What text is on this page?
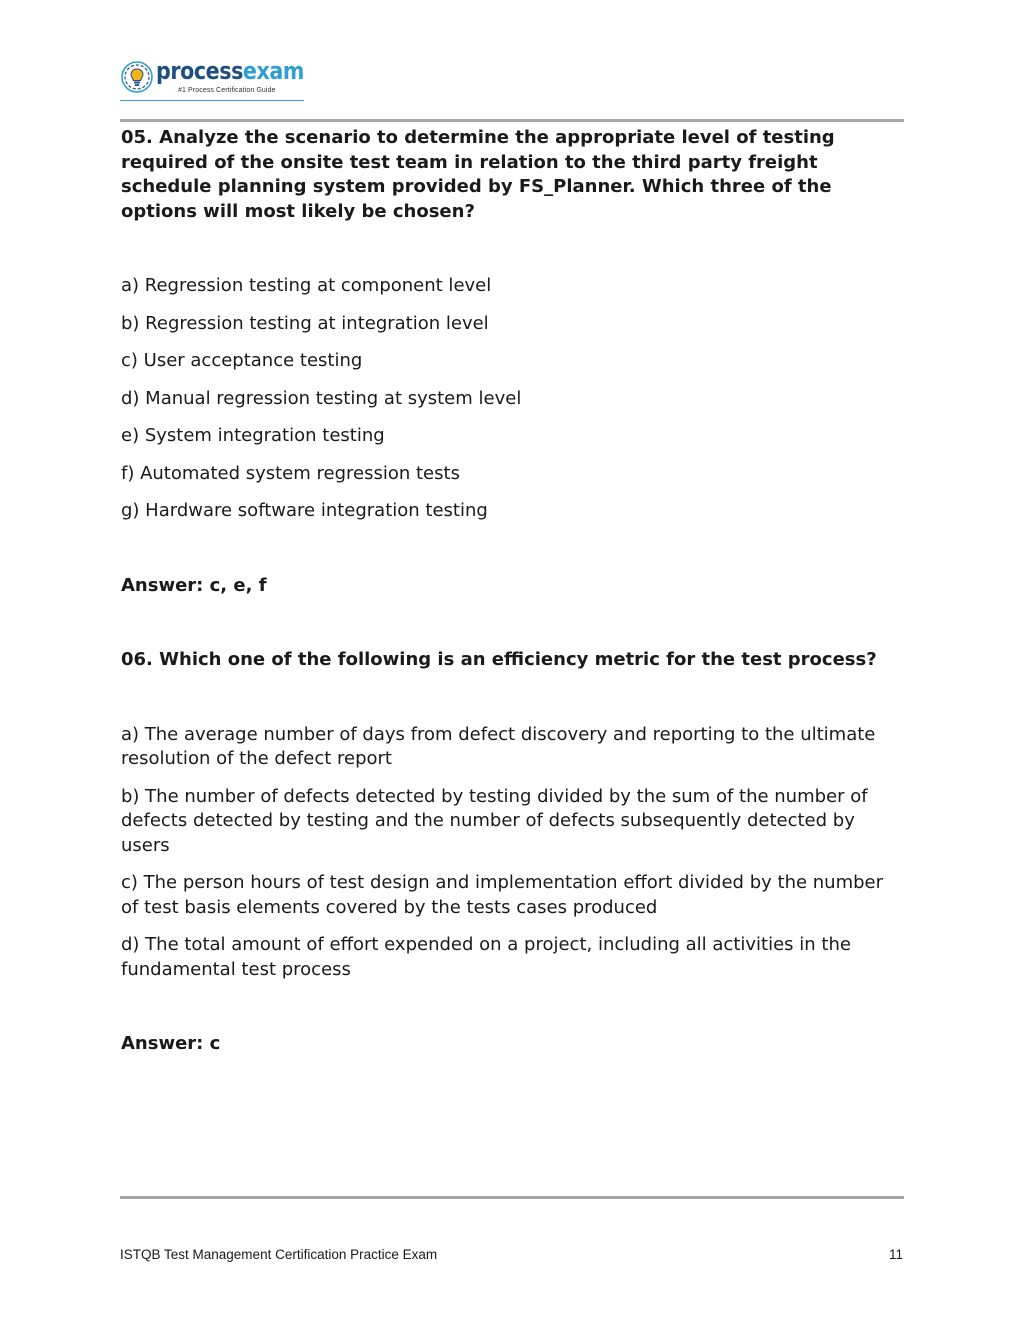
processexam
#1 Process Certification Guide

05. Analyze the scenario to determine the appropriate level of testing required of the onsite test team in relation to the third party freight schedule planning system provided by FS_Planner. Which three of the options will most likely be chosen?

a) Regression testing at component level
b) Regression testing at integration level
c) User acceptance testing
d) Manual regression testing at system level
e) System integration testing
f) Automated system regression tests
g) Hardware software integration testing

Answer: c, e, f

06. Which one of the following is an efficiency metric for the test process?

a) The average number of days from defect discovery and reporting to the ultimate resolution of the defect report
b) The number of defects detected by testing divided by the sum of the number of defects detected by testing and the number of defects subsequently detected by users
c) The person hours of test design and implementation effort divided by the number of test basis elements covered by the tests cases produced
d) The total amount of effort expended on a project, including all activities in the fundamental test process

Answer: c

ISTQB Test Management Certification Practice Exam	11
